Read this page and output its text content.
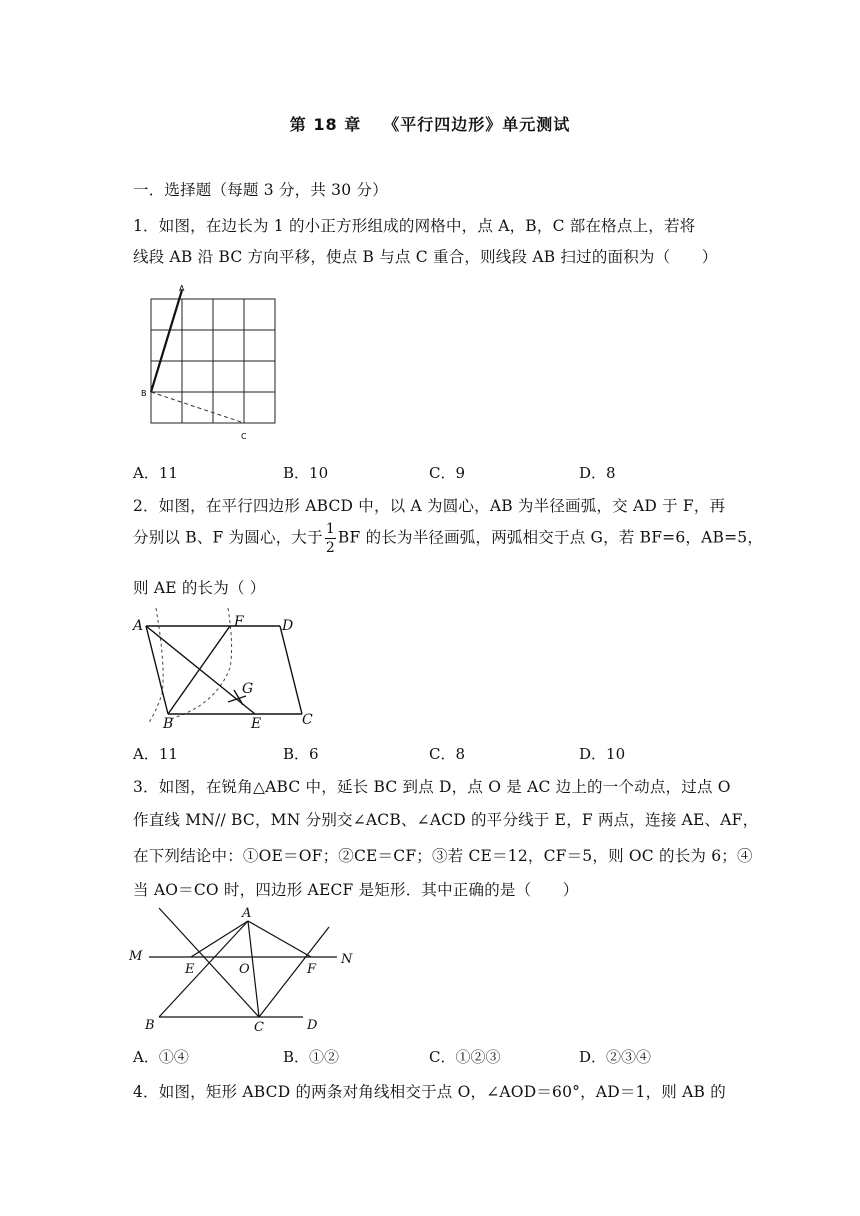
第 18 章 《平行四边形》单元测试
一．选择题（每题 3 分，共 30 分）
1．如图，在边长为 1 的小正方形组成的网格中，点 A，B，C 部在格点上，若将
线段 AB 沿 BC 方向平移，使点 B 与点 C 重合，则线段 AB 扫过的面积为（　　）
A
B
C
A．11	B．10	C．9	D．8
2．如图，在平行四边形 ABCD 中，以 A 为圆心，AB 为半径画弧，交 AD 于 F，再
分别以 B、F 为圆心，大于 $\frac{1}{2}$ BF 的长为半径画弧，两弧相交于点 G，若 BF=6，AB=5，
则 AE 的长为（ ）
A	F	D
G
B	E	C
A．11	B．6	C．8	D．10
3．如图，在锐角△ABC 中，延长 BC 到点 D，点 O 是 AC 边上的一个动点，过点 O
作直线 MN// BC，MN 分别交∠ACB、∠ACD 的平分线于 E，F 两点，连接 AE、AF，
在下列结论中：①OE＝OF；②CE＝CF；③若 CE＝12，CF＝5，则 OC 的长为 6；④
当 AO＝CO 时，四边形 AECF 是矩形．其中正确的是（　　）
A
M
E	O	F
N
B	C	D
A．①④	B．①②	C．①②③	D．②③④
4．如图，矩形 ABCD 的两条对角线相交于点 O，∠AOD＝60°，AD＝1，则 AB 的
